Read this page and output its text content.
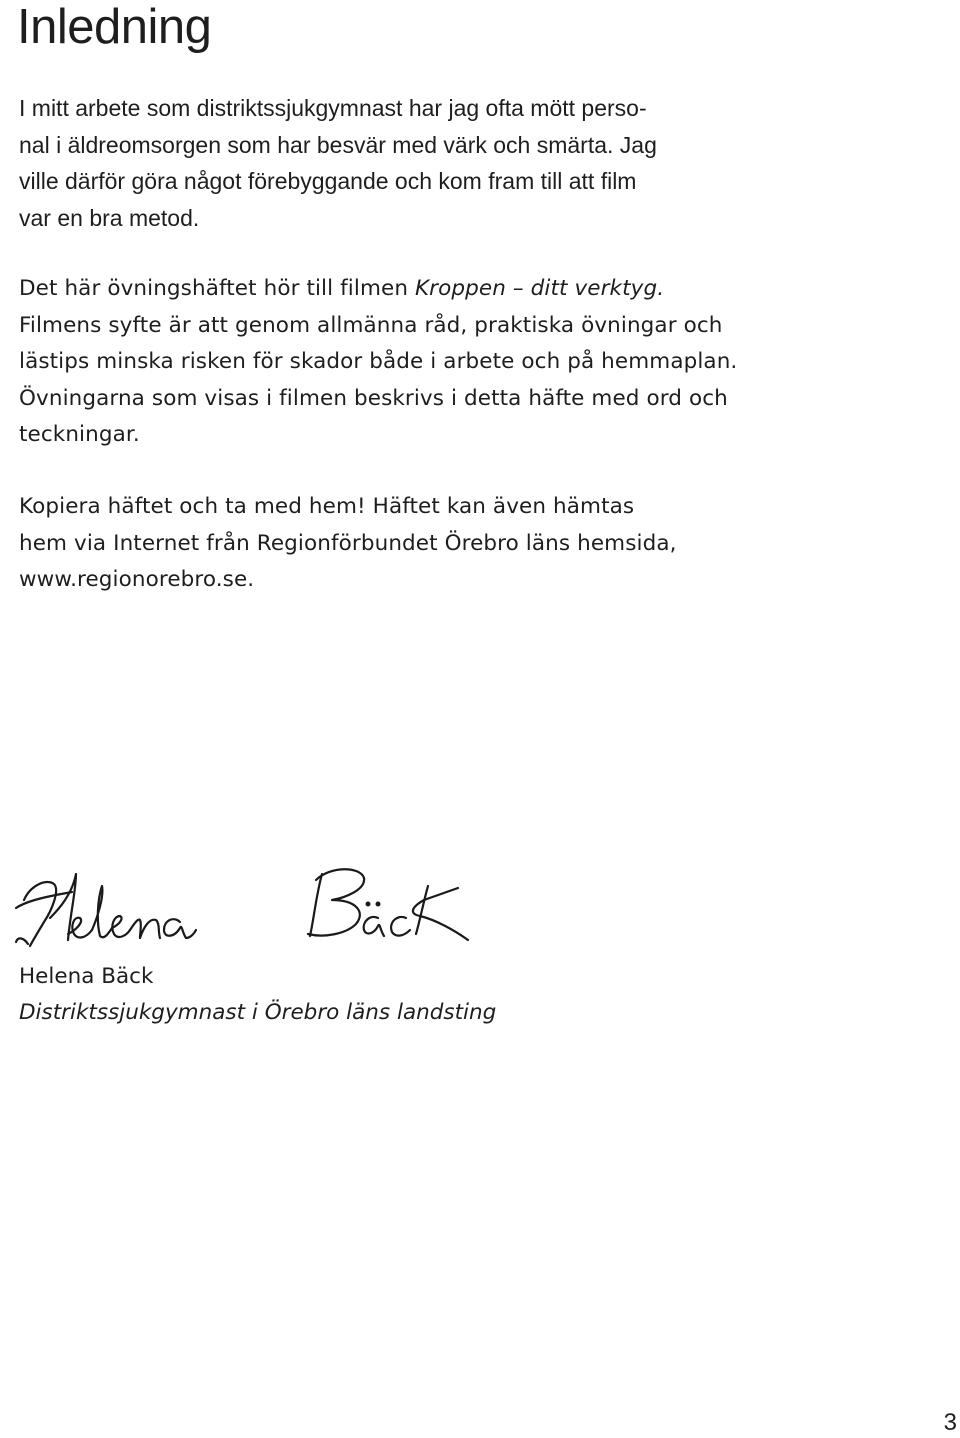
Inledning

I mitt arbete som distriktssjukgymnast har jag ofta mött perso-
nal i äldreomsorgen som har besvär med värk och smärta. Jag
ville därför göra något förebyggande och kom fram till att film
var en bra metod.

Det här övningshäftet hör till filmen Kroppen – ditt verktyg.
Filmens syfte är att genom allmänna råd, praktiska övningar och
lästips minska risken för skador både i arbete och på hemmaplan.
Övningarna som visas i filmen beskrivs i detta häfte med ord och
teckningar.

Kopiera häftet och ta med hem! Häftet kan även hämtas
hem via Internet från Regionförbundet Örebro läns hemsida,
www.regionorebro.se.

Helena Bäck

Distriktssjukgymnast i Örebro läns landsting

3
